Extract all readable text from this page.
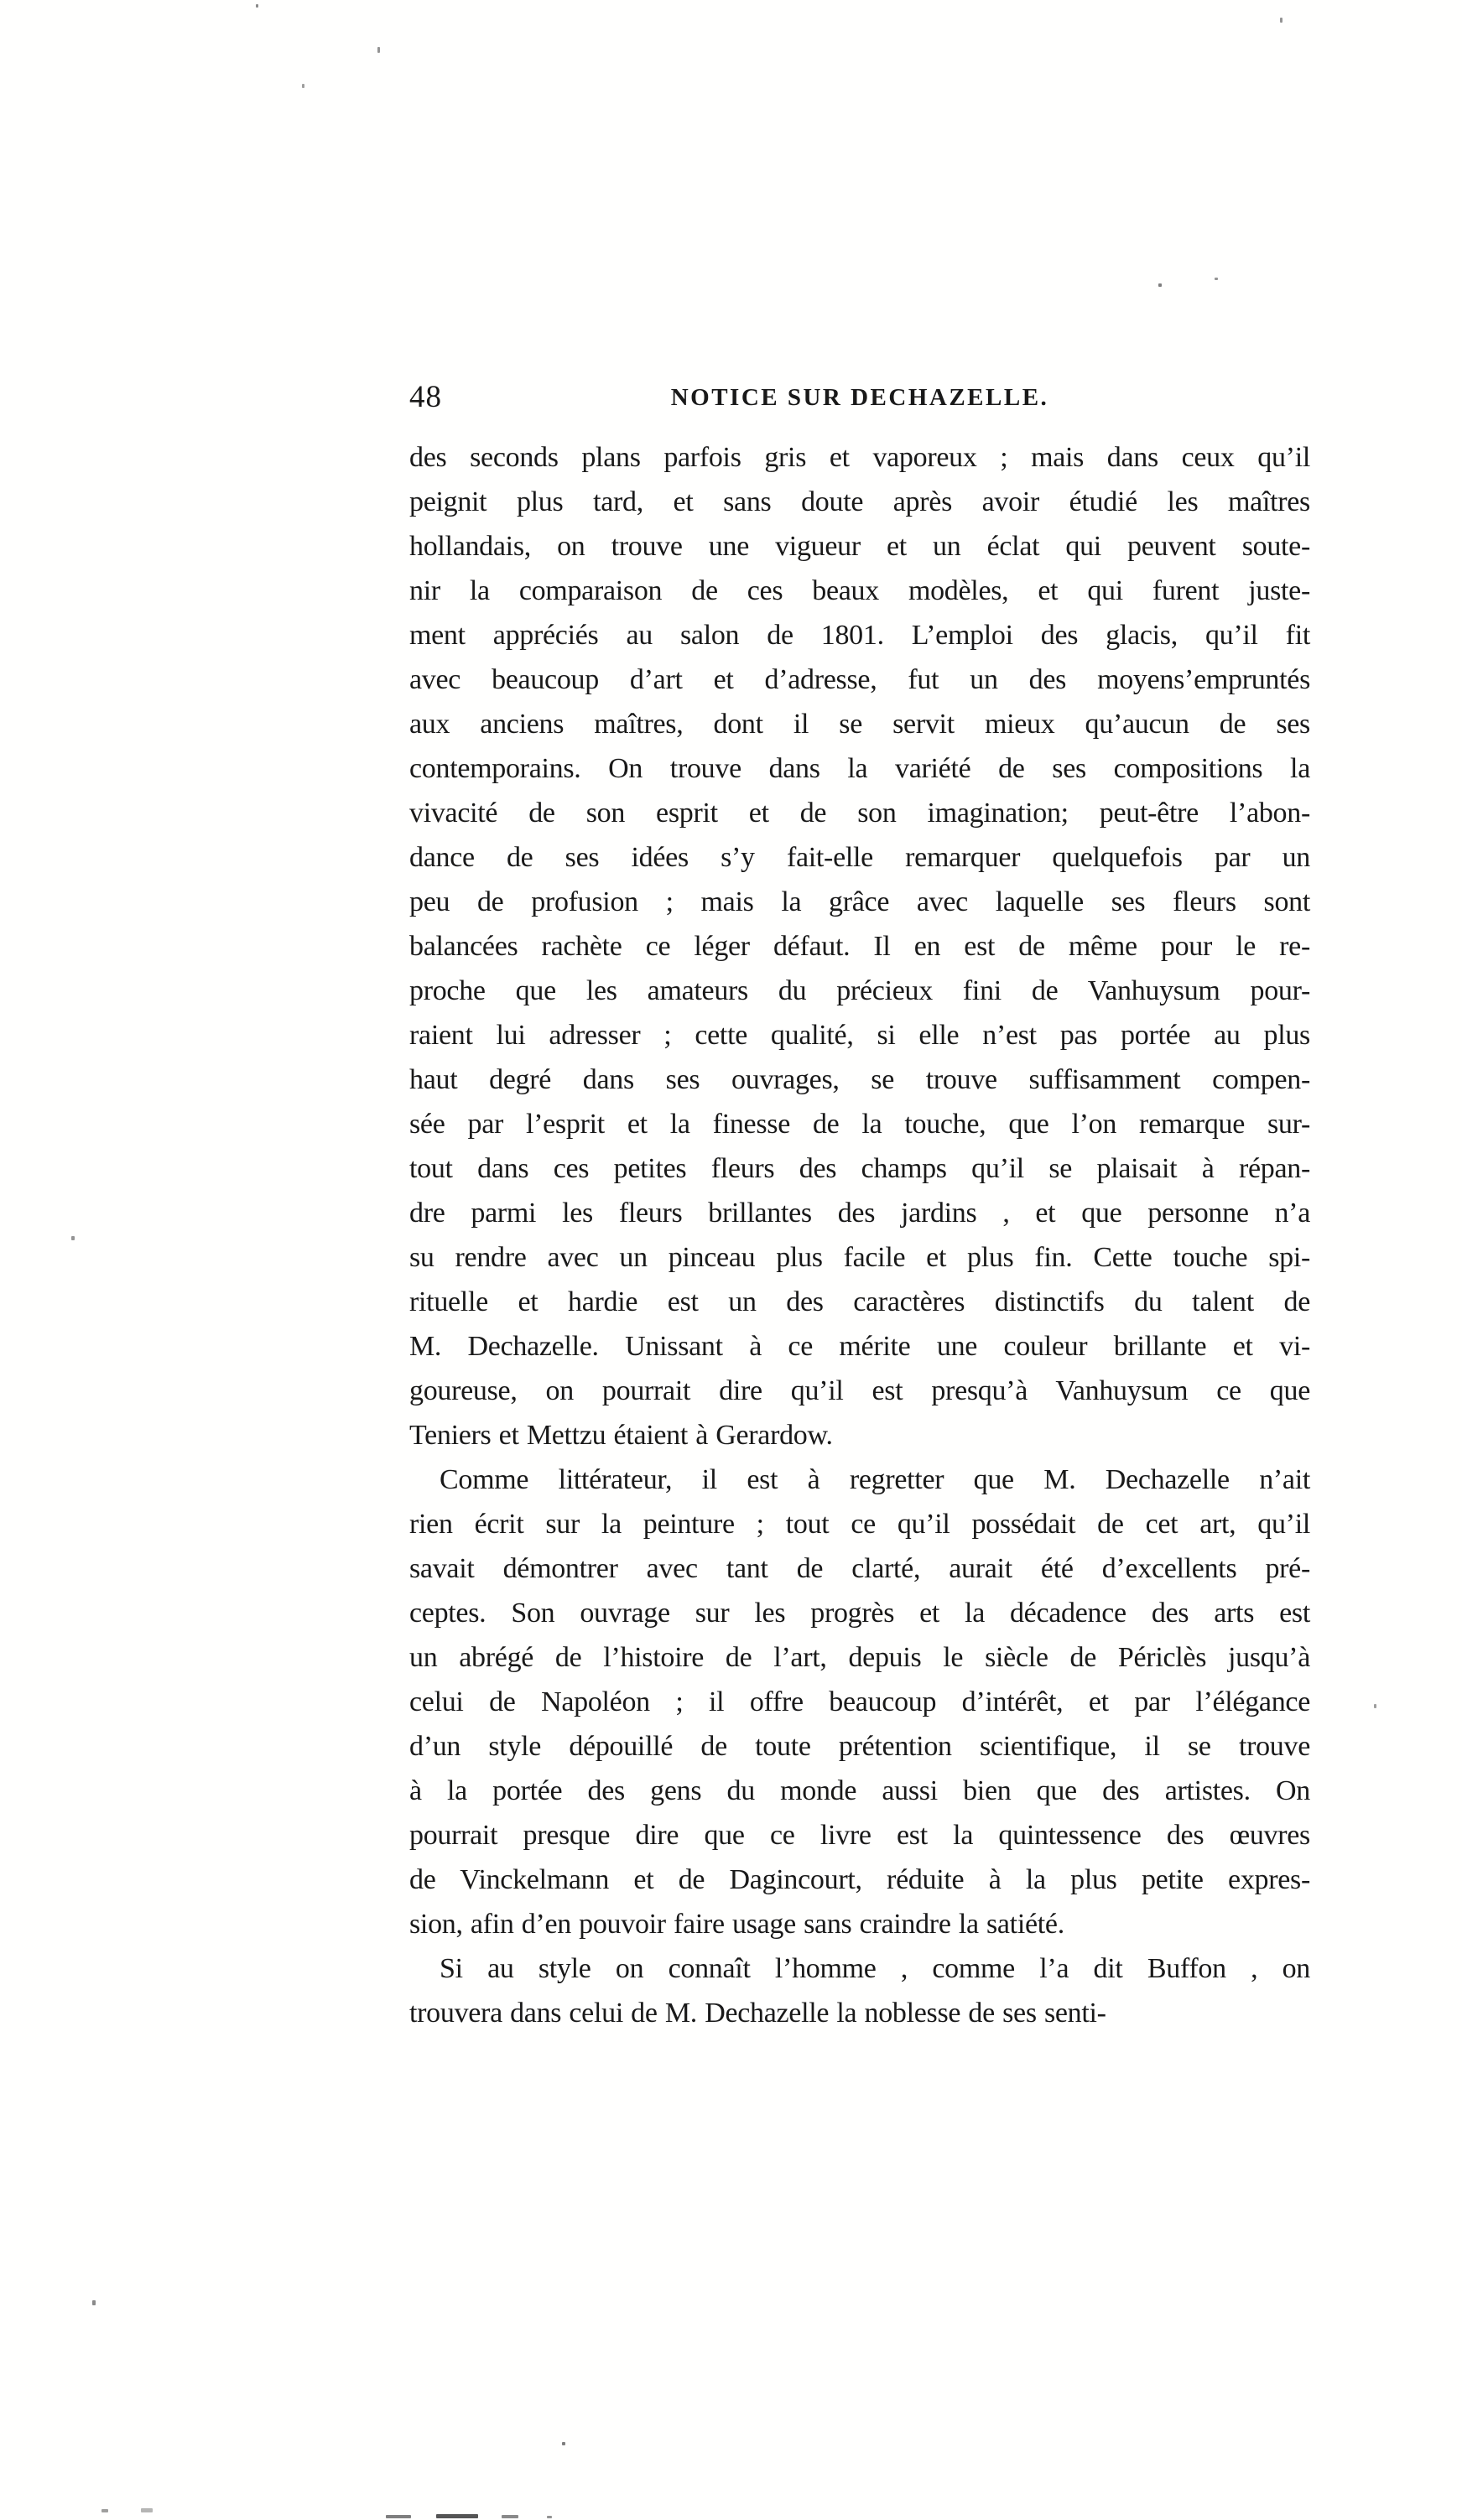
48	NOTICE SUR DECHAZELLE.
des seconds plans parfois gris et vaporeux ; mais dans ceux qu’il
peignit plus tard, et sans doute après avoir étudié les maîtres
hollandais, on trouve une vigueur et un éclat qui peuvent soute-
nir la comparaison de ces beaux modèles, et qui furent juste-
ment appréciés au salon de 1801. L’emploi des glacis, qu’il fit
avec beaucoup d’art et d’adresse, fut un des moyens’empruntés
aux anciens maîtres, dont il se servit mieux qu’aucun de ses
contemporains. On trouve dans la variété de ses compositions la
vivacité de son esprit et de son imagination; peut-être l’abon-
dance de ses idées s’y fait-elle remarquer quelquefois par un
peu de profusion ; mais la grâce avec laquelle ses fleurs sont
balancées rachète ce léger défaut. Il en est de même pour le re-
proche que les amateurs du précieux fini de Vanhuysum pour-
raient lui adresser ; cette qualité, si elle n’est pas portée au plus
haut degré dans ses ouvrages, se trouve suffisamment compen-
sée par l’esprit et la finesse de la touche, que l’on remarque sur-
tout dans ces petites fleurs des champs qu’il se plaisait à répan-
dre parmi les fleurs brillantes des jardins , et que personne n’a
su rendre avec un pinceau plus facile et plus fin. Cette touche spi-
rituelle et hardie est un des caractères distinctifs du talent de
M. Dechazelle. Unissant à ce mérite une couleur brillante et vi-
goureuse, on pourrait dire qu’il est presqu’à Vanhuysum ce que
Teniers et Mettzu étaient à Gerardow.
Comme littérateur, il est à regretter que M. Dechazelle n’ait
rien écrit sur la peinture ; tout ce qu’il possédait de cet art, qu’il
savait démontrer avec tant de clarté, aurait été d’excellents pré-
ceptes. Son ouvrage sur les progrès et la décadence des arts est
un abrégé de l’histoire de l’art, depuis le siècle de Périclès jusqu’à
celui de Napoléon ; il offre beaucoup d’intérêt, et par l’élégance
d’un style dépouillé de toute prétention scientifique, il se trouve
à la portée des gens du monde aussi bien que des artistes. On
pourrait presque dire que ce livre est la quintessence des œuvres
de Vinckelmann et de Dagincourt, réduite à la plus petite expres-
sion, afin d’en pouvoir faire usage sans craindre la satiété.
Si au style on connaît l’homme , comme l’a dit Buffon , on
trouvera dans celui de M. Dechazelle la noblesse de ses senti-
